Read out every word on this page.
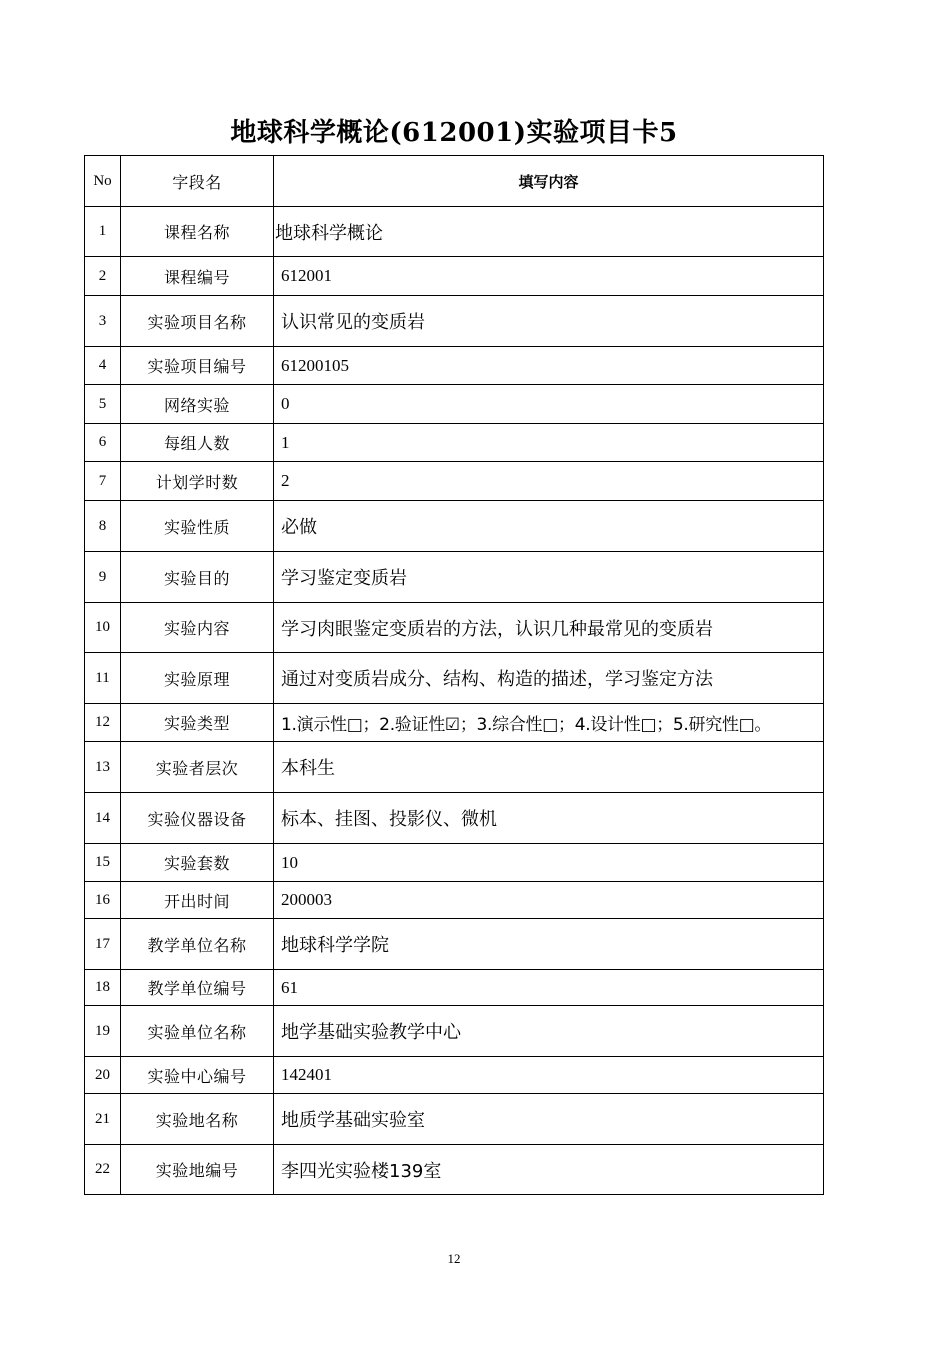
地球科学概论(612001)实验项目卡5
No	字段名	填写内容
1	课程名称	地球科学概论
2	课程编号	612001
3	实验项目名称	认识常见的变质岩
4	实验项目编号	61200105
5	网络实验	0
6	每组人数	1
7	计划学时数	2
8	实验性质	必做
9	实验目的	学习鉴定变质岩
10	实验内容	学习肉眼鉴定变质岩的方法，认识几种最常见的变质岩
11	实验原理	通过对变质岩成分、结构、构造的描述，学习鉴定方法
12	实验类型	1.演示性□；2.验证性☑；3.综合性□；4.设计性□；5.研究性□。
13	实验者层次	本科生
14	实验仪器设备	标本、挂图、投影仪、微机
15	实验套数	10
16	开出时间	200003
17	教学单位名称	地球科学学院
18	教学单位编号	61
19	实验单位名称	地学基础实验教学中心
20	实验中心编号	142401
21	实验地名称	地质学基础实验室
22	实验地编号	李四光实验楼139室
12
